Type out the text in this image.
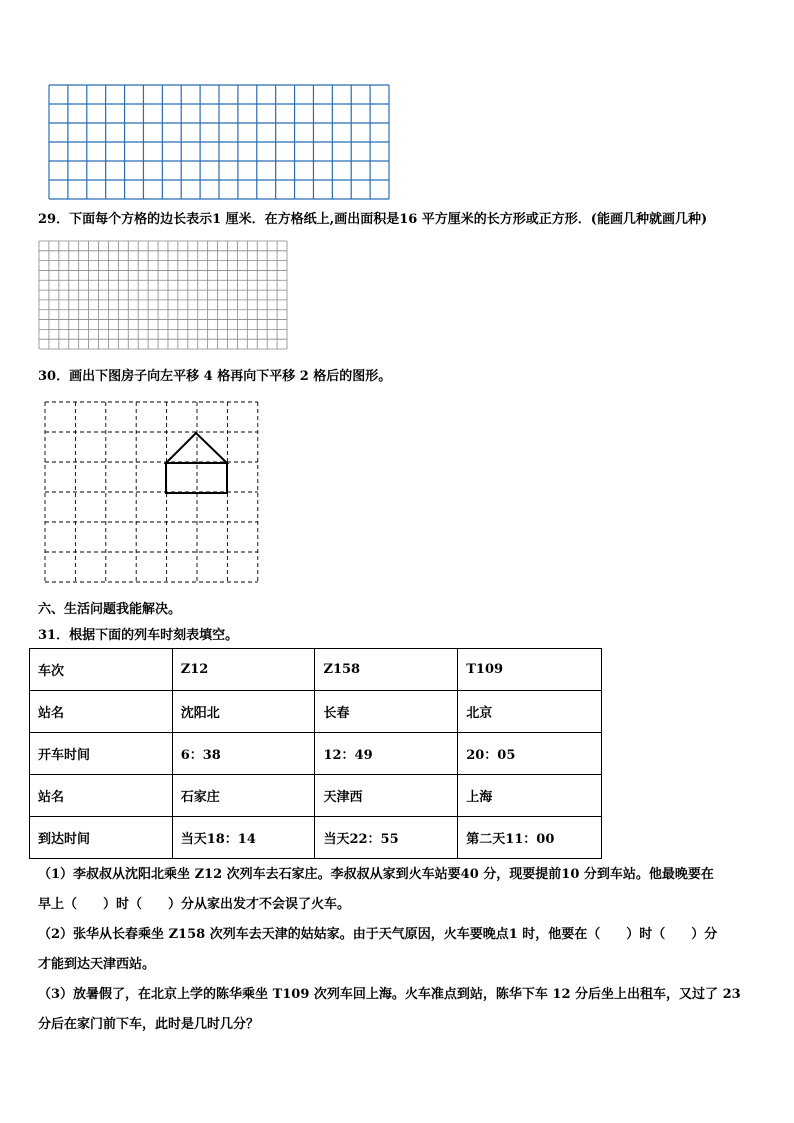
29．下面每个方格的边长表示1 厘米．在方格纸上,画出面积是16 平方厘米的长方形或正方形．(能画几种就画几种)
30．画出下图房子向左平移 4 格再向下平移 2 格后的图形。
六、生活问题我能解决。
31．根据下面的列车时刻表填空。
车次	Z12	Z158	T109
站名	沈阳北	长春	北京
开车时间	6：38	12：49	20：05
站名	石家庄	天津西	上海
到达时间	当天18：14	当天22：55	第二天11：00
（1）李叔叔从沈阳北乘坐 Z12 次列车去石家庄。李叔叔从家到火车站要40 分，现要提前10 分到车站。他最晚要在
早上（　　）时（　　）分从家出发才不会误了火车。
（2）张华从长春乘坐 Z158 次列车去天津的姑姑家。由于天气原因，火车要晚点1 时，他要在（　　）时（　　）分
才能到达天津西站。
（3）放暑假了，在北京上学的陈华乘坐 T109 次列车回上海。火车准点到站，陈华下车 12 分后坐上出租车，又过了 23
分后在家门前下车，此时是几时几分？
